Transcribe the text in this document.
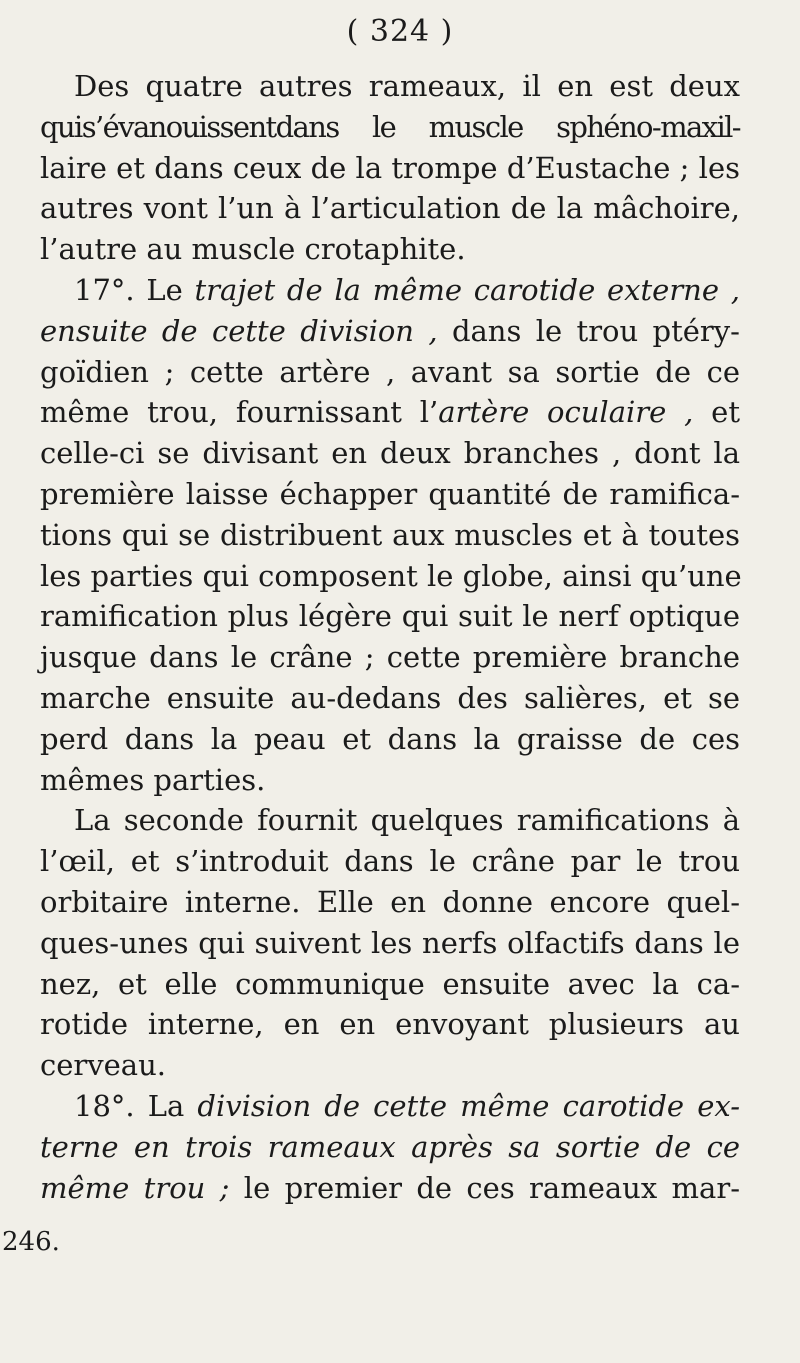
( 324 )
246.
Des quatre autres rameaux, il en est deux
quis’évanouissentdans le muscle sphéno-maxil-
laire et dans ceux de la trompe d’Eustache ; les
autres vont l’un à l’articulation de la mâchoire,
l’autre au muscle crotaphite.
17°. Le trajet de la même carotide externe ,
ensuite de cette division , dans le trou ptéry-
goïdien ; cette artère , avant sa sortie de ce
même trou, fournissant l’artère oculaire , et
celle-ci se divisant en deux branches , dont la
première laisse échapper quantité de ramifica-
tions qui se distribuent aux muscles et à toutes
les parties qui composent le globe, ainsi qu’une
ramification plus légère qui suit le nerf optique
jusque dans le crâne ; cette première branche
marche ensuite au-dedans des salières, et se
perd dans la peau et dans la graisse de ces
mêmes parties.
La seconde fournit quelques ramifications à
l’œil, et s’introduit dans le crâne par le trou
orbitaire interne. Elle en donne encore quel-
ques-unes qui suivent les nerfs olfactifs dans le
nez, et elle communique ensuite avec la ca-
rotide interne, en en envoyant plusieurs au
cerveau.
18°. La division de cette même carotide ex-
terne en trois rameaux après sa sortie de ce
même trou ; le premier de ces rameaux mar-
